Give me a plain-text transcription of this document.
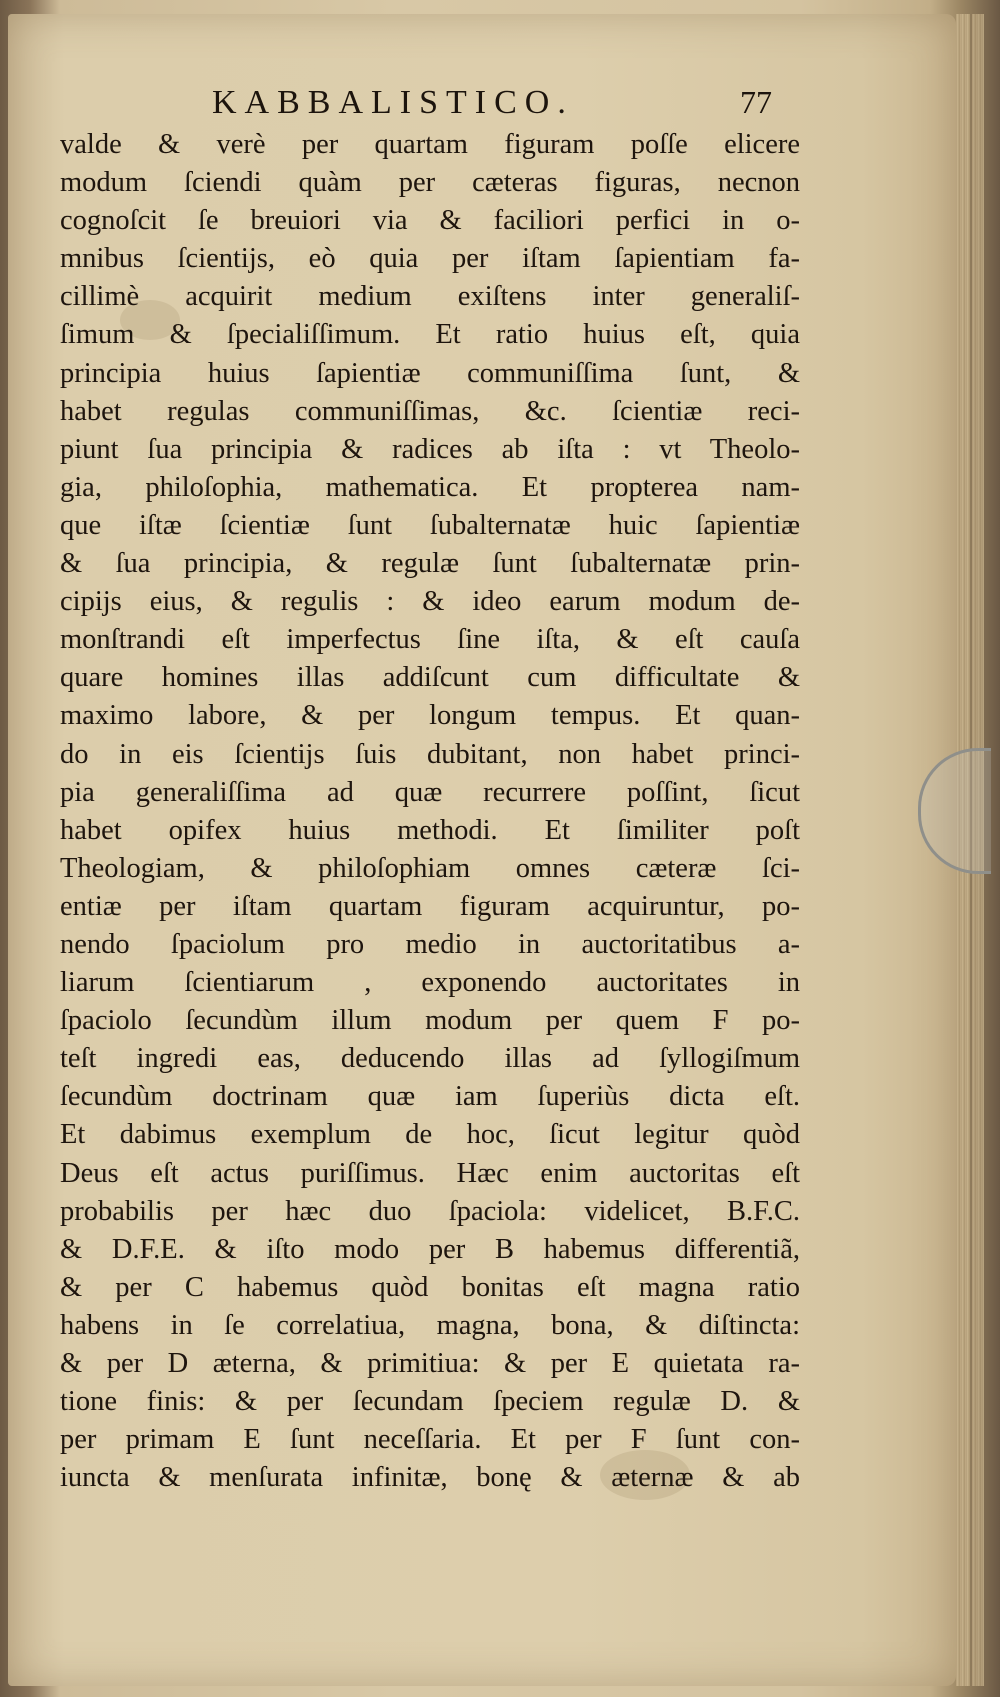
KABBALISTICO.	77
valde & verè per quartam figuram poſſe elicere
modum ſciendi quàm per cæteras figuras, necnon
cognoſcit ſe breuiori via & faciliori perfici in o-
mnibus ſcientijs, eò quia per iſtam ſapientiam fa-
cillimè acquirit medium exiſtens inter generaliſ-
ſimum & ſpecialiſſimum. Et ratio huius eſt, quia
principia huius ſapientiæ communiſſima ſunt, &
habet regulas communiſſimas, &c. ſcientiæ reci-
piunt ſua principia & radices ab iſta : vt Theolo-
gia, philoſophia, mathematica. Et propterea nam-
que iſtæ ſcientiæ ſunt ſubalternatæ huic ſapientiæ
& ſua principia, & regulæ ſunt ſubalternatæ prin-
cipijs eius, & regulis : & ideo earum modum de-
monſtrandi eſt imperfectus ſine iſta, & eſt cauſa
quare homines illas addiſcunt cum difficultate &
maximo labore, & per longum tempus. Et quan-
do in eis ſcientijs ſuis dubitant, non habet princi-
pia generaliſſima ad quæ recurrere poſſint, ſicut
habet opifex huius methodi. Et ſimiliter poſt
Theologiam, & philoſophiam omnes cæteræ ſci-
entiæ per iſtam quartam figuram acquiruntur, po-
nendo ſpaciolum pro medio in auctoritatibus a-
liarum ſcientiarum , exponendo auctoritates in
ſpaciolo ſecundùm illum modum per quem F po-
teſt ingredi eas, deducendo illas ad ſyllogiſmum
ſecundùm doctrinam quæ iam ſuperiùs dicta eſt.
Et dabimus exemplum de hoc, ſicut legitur quòd
Deus eſt actus puriſſimus. Hæc enim auctoritas eſt
probabilis per hæc duo ſpaciola: videlicet, B.F.C.
& D.F.E. & iſto modo per B habemus differentiã,
& per C habemus quòd bonitas eſt magna ratio
habens in ſe correlatiua, magna, bona, & diſtincta:
& per D æterna, & primitiua: & per E quietata ra-
tione finis: & per ſecundam ſpeciem regulæ D. &
per primam E ſunt neceſſaria. Et per F ſunt con-
iuncta & menſurata infinitæ, bonę & æternæ & ab
